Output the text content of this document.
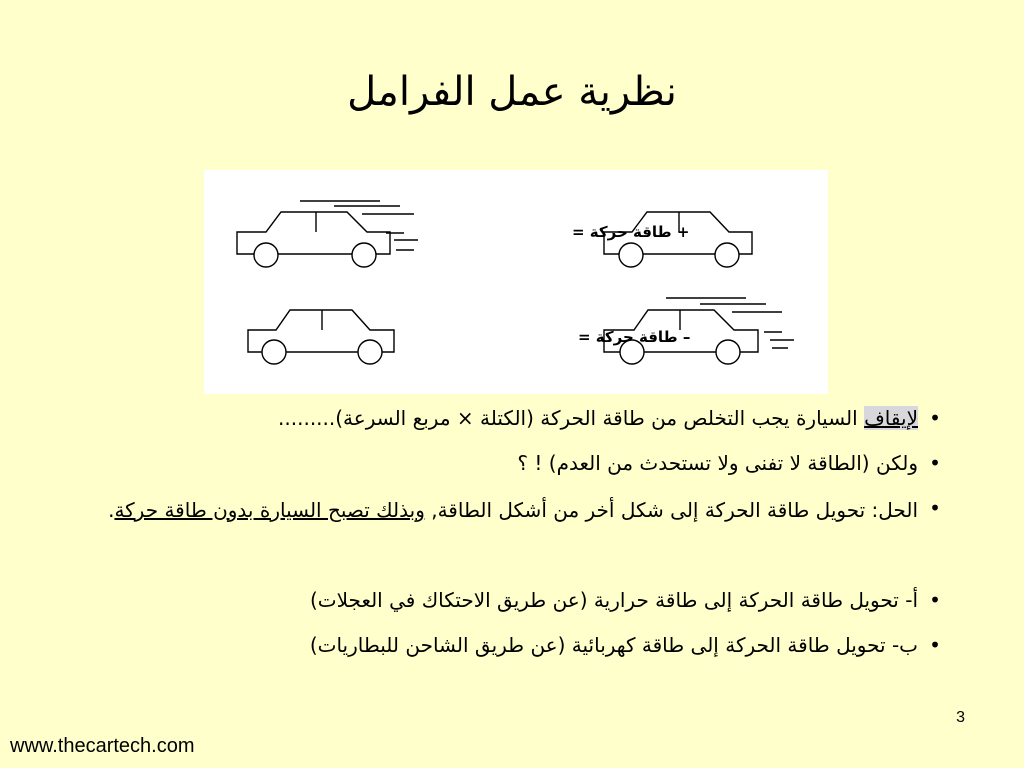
نظرية عمل الفرامل
+ طاقة حركة =
– طاقة حركة =
•
لإيقاف السيارة يجب التخلص من طاقة الحركة (الكتلة × مربع السرعة).........
•
ولكن (الطاقة لا تفنى ولا تستحدث من العدم) ! ؟
•
الحل: تحويل طاقة الحركة إلى شكل أخر من أشكل الطاقة, وبذلك تصبح السيارة بدون طاقة حركة.
•
أ- تحويل طاقة الحركة إلى طاقة حرارية (عن طريق الاحتكاك في العجلات)
•
ب- تحويل طاقة الحركة إلى طاقة كهربائية (عن طريق الشاحن للبطاريات)
3
www.thecartech.com
